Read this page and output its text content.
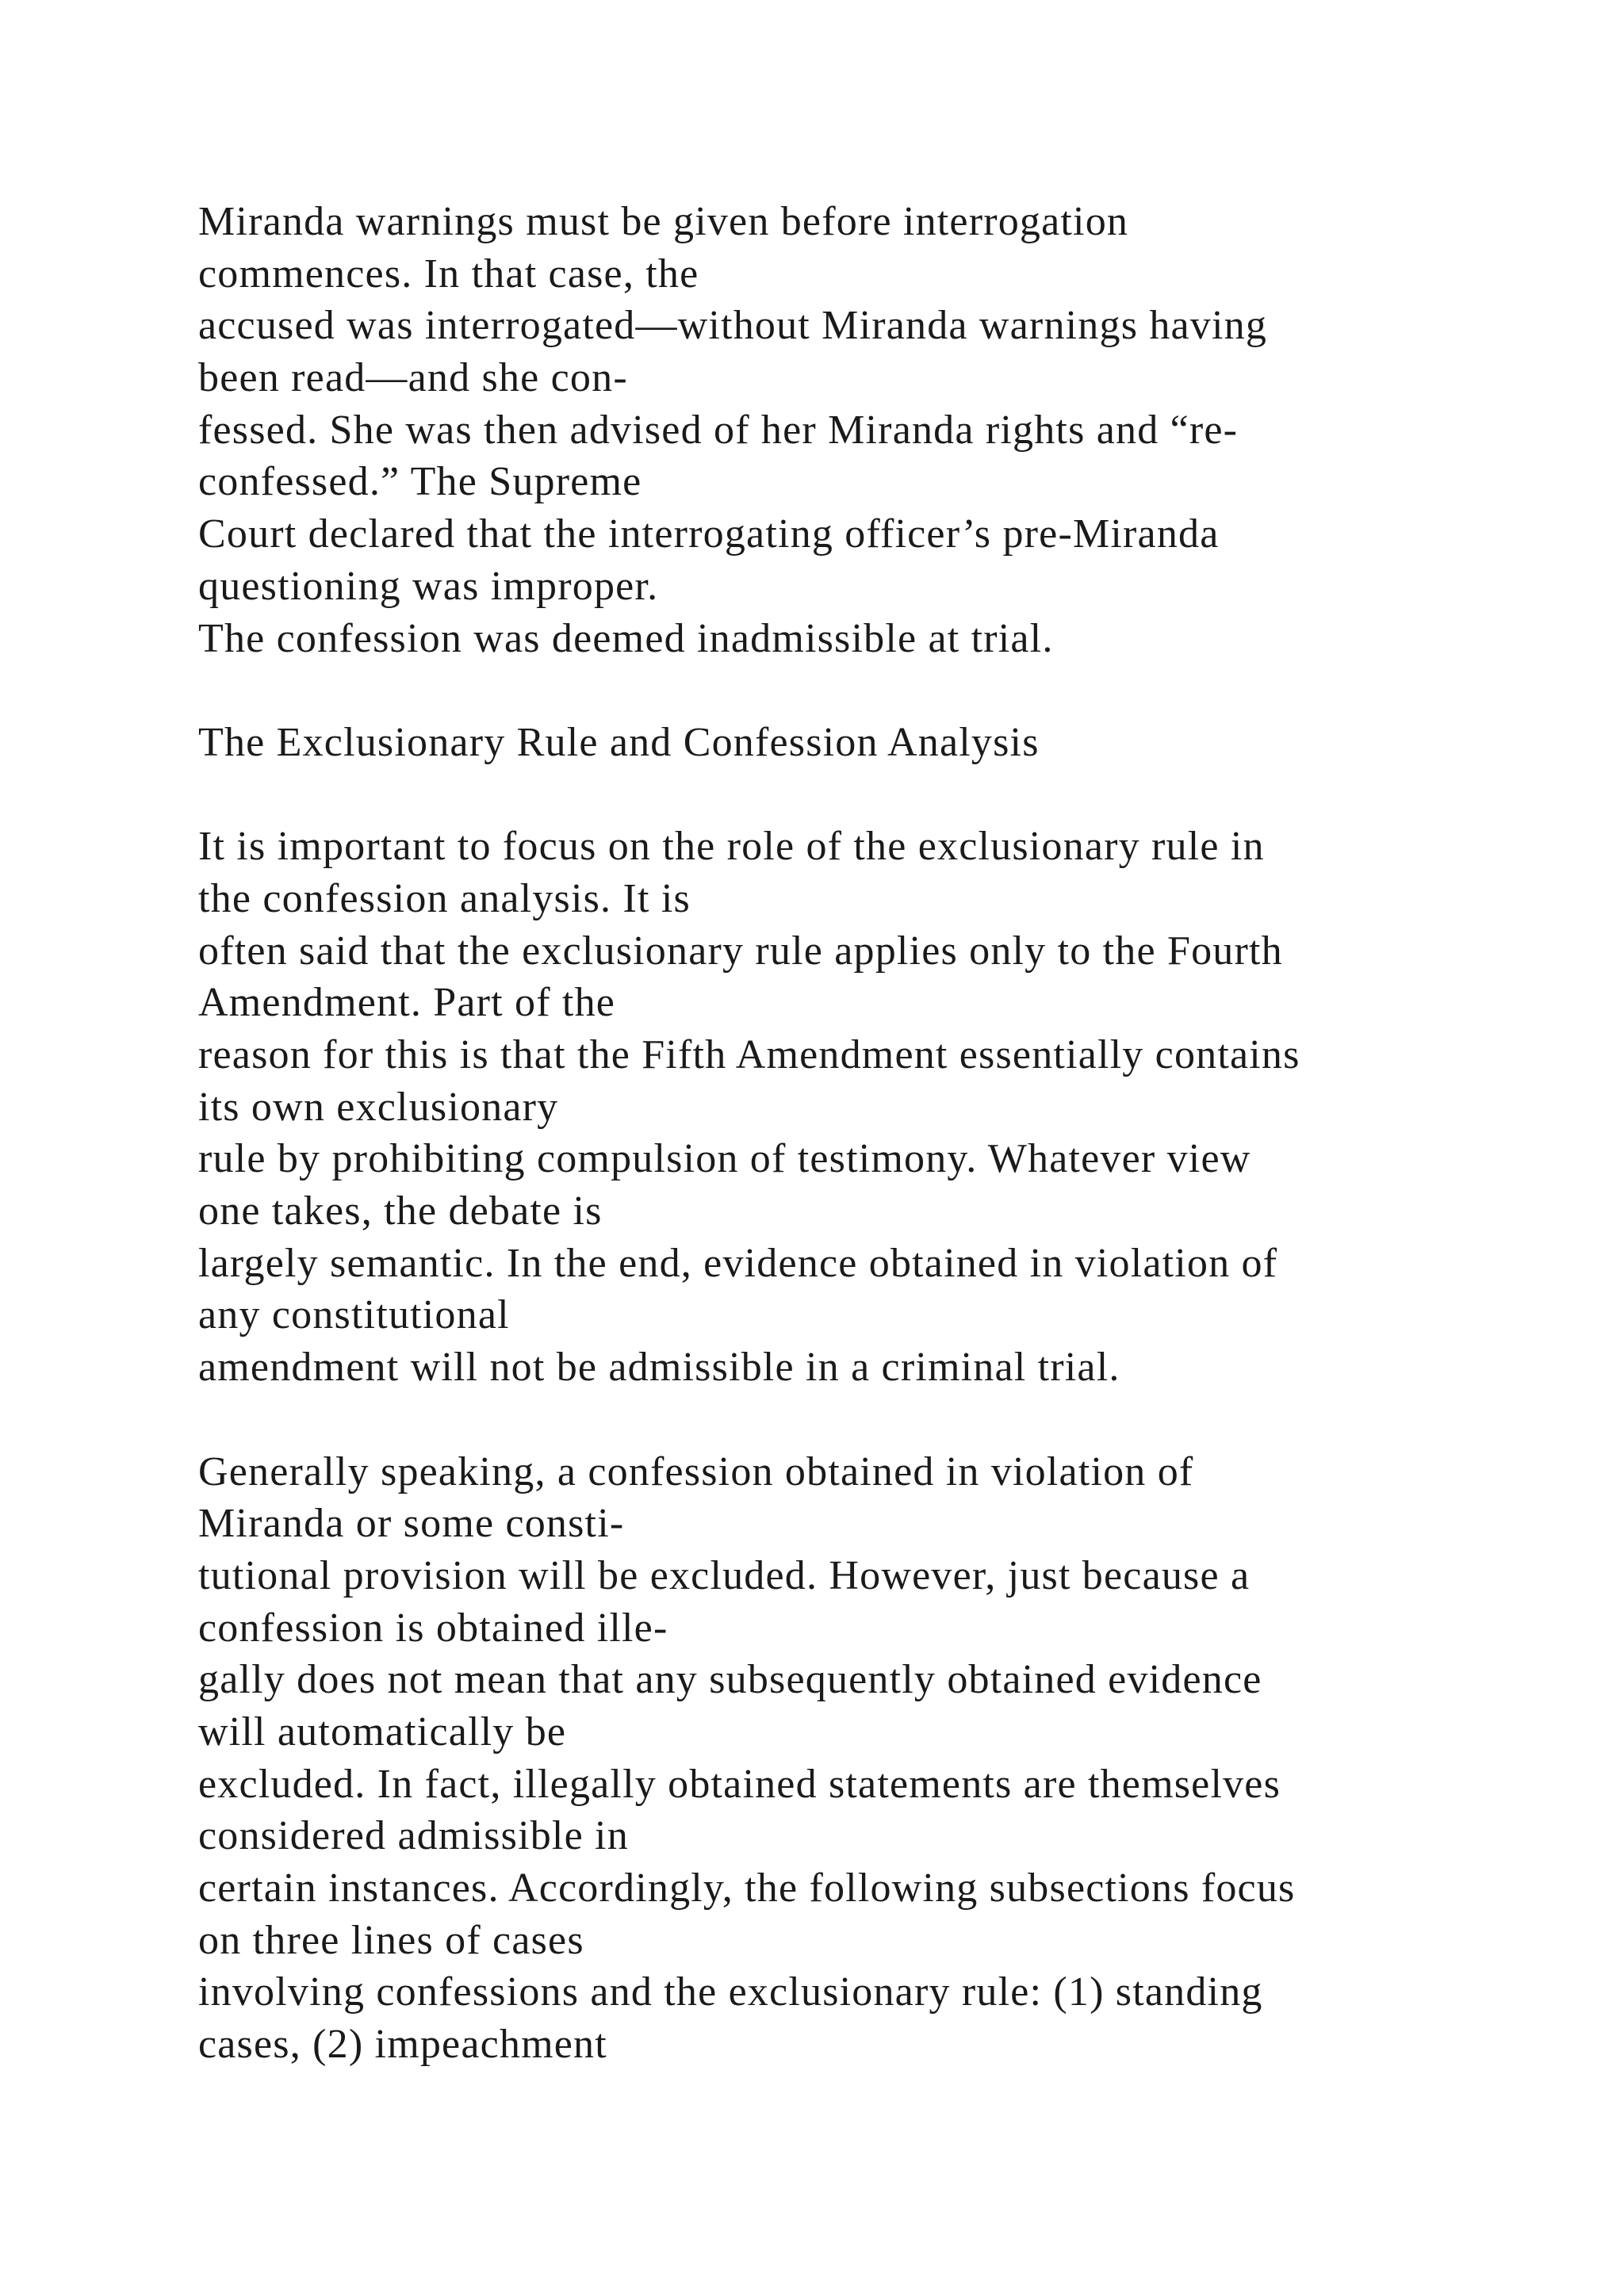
Miranda warnings must be given before interrogation
commences. In that case, the
accused was interrogated—without Miranda warnings having
been read—and she con-
fessed. She was then advised of her Miranda rights and “re-
confessed.” The Supreme
Court declared that the interrogating officer’s pre-Miranda
questioning was improper.
The confession was deemed inadmissible at trial.
The Exclusionary Rule and Confession Analysis
It is important to focus on the role of the exclusionary rule in
the confession analysis. It is
often said that the exclusionary rule applies only to the Fourth
Amendment. Part of the
reason for this is that the Fifth Amendment essentially contains
its own exclusionary
rule by prohibiting compulsion of testimony. Whatever view
one takes, the debate is
largely semantic. In the end, evidence obtained in violation of
any constitutional
amendment will not be admissible in a criminal trial.
Generally speaking, a confession obtained in violation of
Miranda or some consti-
tutional provision will be excluded. However, just because a
confession is obtained ille-
gally does not mean that any subsequently obtained evidence
will automatically be
excluded. In fact, illegally obtained statements are themselves
considered admissible in
certain instances. Accordingly, the following subsections focus
on three lines of cases
involving confessions and the exclusionary rule: (1) standing
cases, (2) impeachment
